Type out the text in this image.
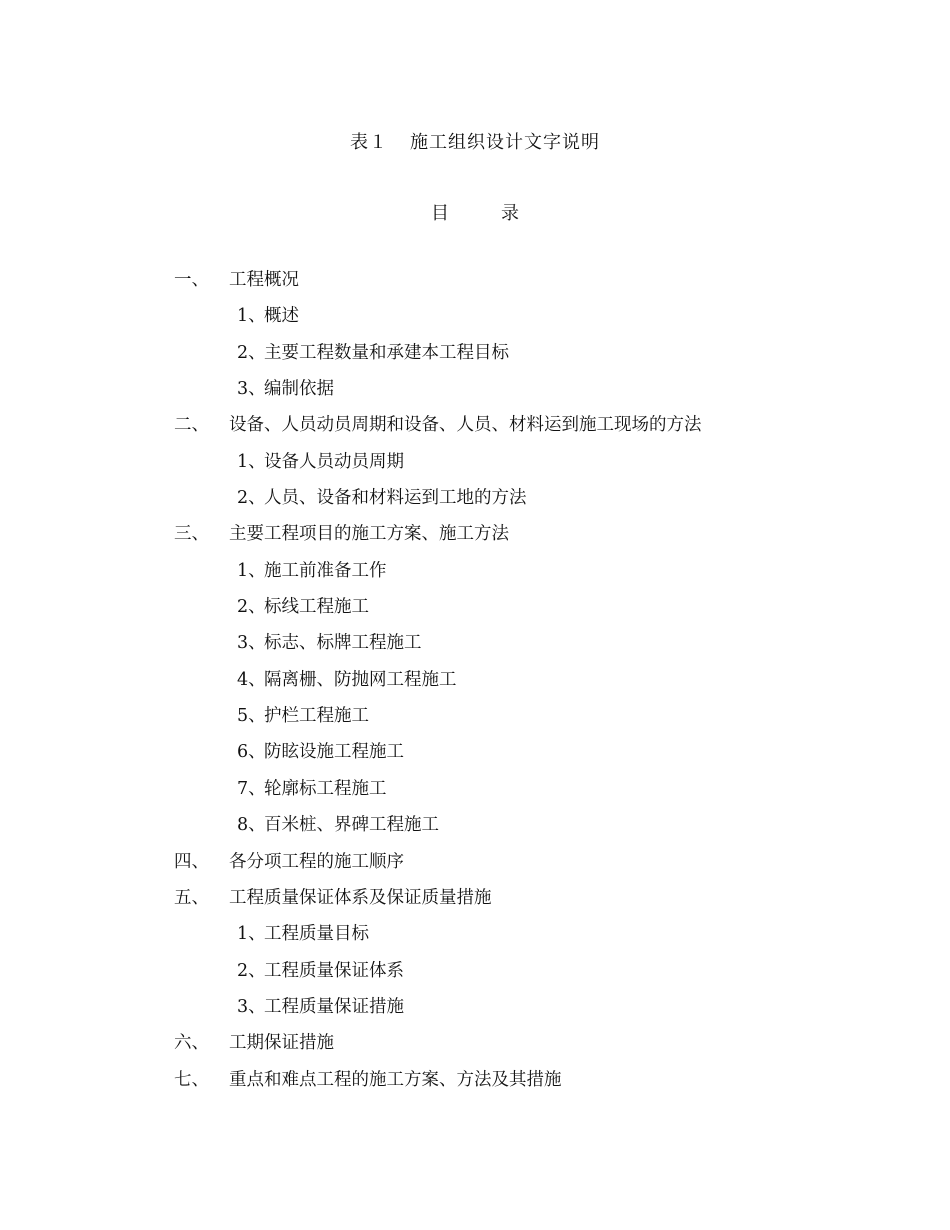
表１ 施工组织设计文字说明
目	录
一、	工程概况
1、
概述
2、
主要工程数量和承建本工程目标
3、
编制依据
二、	设备、人员动员周期和设备、人员、材料运到施工现场的方法
1、
设备人员动员周期
2、
人员、设备和材料运到工地的方法
三、	主要工程项目的施工方案、施工方法
1、
施工前准备工作
2、
标线工程施工
3、
标志、标牌工程施工
4、
隔离栅、防抛网工程施工
5、
护栏工程施工
6、
防眩设施工程施工
7、
轮廓标工程施工
8、
百米桩、界碑工程施工
四、	各分项工程的施工顺序
五、	工程质量保证体系及保证质量措施
1、
工程质量目标
2、
工程质量保证体系
3、
工程质量保证措施
六、	工期保证措施
七、	重点和难点工程的施工方案、方法及其措施
